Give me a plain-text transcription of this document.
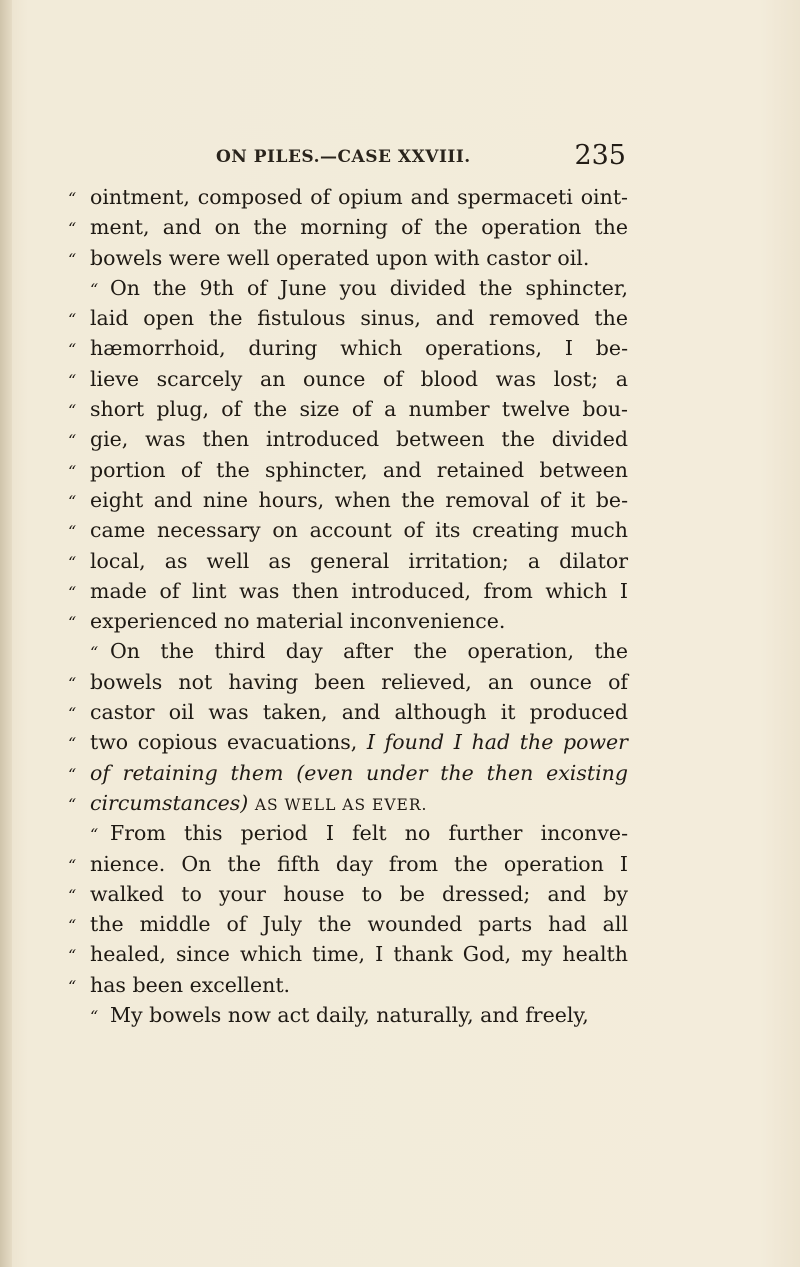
ON PILES.—CASE XXVIII.	235
“ ointment, composed of opium and spermaceti oint-
“ ment, and on the morning of the operation the
“ bowels were well operated upon with castor oil.
“ On the 9th of June you divided the sphincter,
“ laid open the fistulous sinus, and removed the
“ hæmorrhoid, during which operations, I be-
“ lieve scarcely an ounce of blood was lost; a
“ short plug, of the size of a number twelve bou-
“ gie, was then introduced between the divided
“ portion of the sphincter, and retained between
“ eight and nine hours, when the removal of it be-
“ came necessary on account of its creating much
“ local, as well as general irritation; a dilator
“ made of lint was then introduced, from which I
“ experienced no material inconvenience.
“ On the third day after the operation, the
“ bowels not having been relieved, an ounce of
“ castor oil was taken, and although it produced
“ two copious evacuations, I found I had the power
“ of retaining them (even under the then existing
“ circumstances) AS WELL AS EVER.
“ From this period I felt no further inconve-
“ nience. On the fifth day from the operation I
“ walked to your house to be dressed; and by
“ the middle of July the wounded parts had all
“ healed, since which time, I thank God, my health
“ has been excellent.
“ My bowels now act daily, naturally, and freely,
